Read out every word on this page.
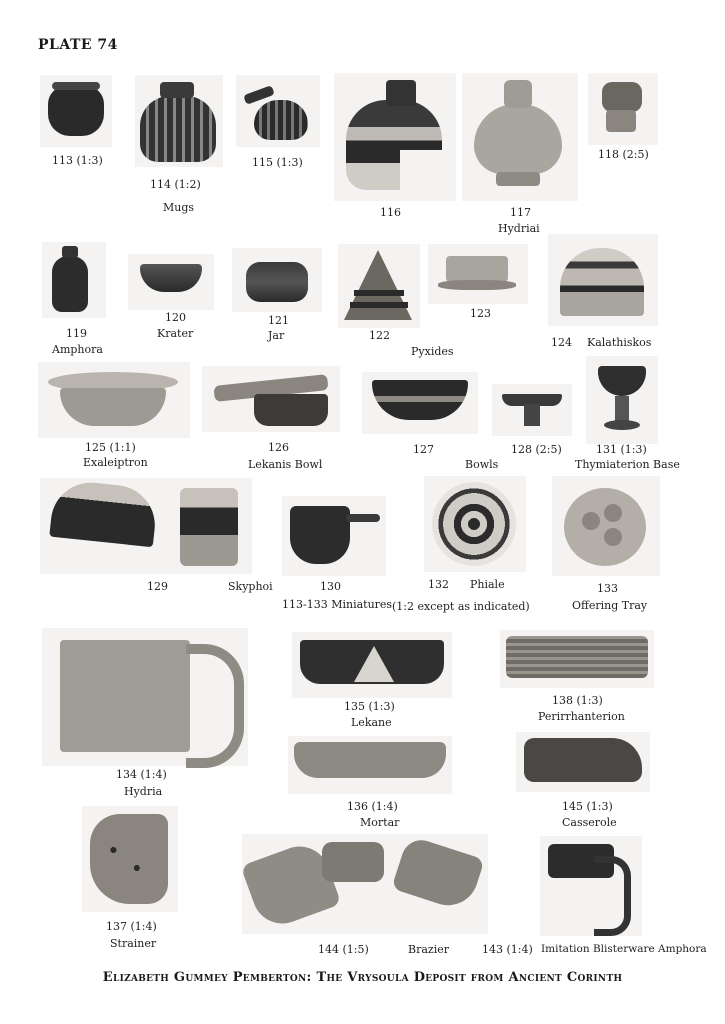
PLATE 74
113 (1:3)
114 (1:2)
Mugs
115 (1:3)
116	117
Hydriai
118 (2:5)
119
Amphora
120
Krater
121
Jar	122
123
Pyxides
124 Kalathiskos
125 (1:1)
Exaleiptron
126
Lekanis Bowl
127
Bowls
128 (2:5)	131 (1:3)
Thymiaterion Base
129	Skyphoi	130
113-133 Miniatures
132 Phiale
(1:2 except as indicated)
133
Offering Tray
134 (1:4)
Hydria
135 (1:3)
Lekane
138 (1:3)
Perirrhanterion
136 (1:4)
Mortar
145 (1:3)
Casserole
137 (1:4)
Strainer	144 (1:5)	Brazier	143 (1:4) Imitation Blisterware Amphora
Elizabeth Gummey Pemberton: The Vrysoula Deposit from Ancient Corinth
